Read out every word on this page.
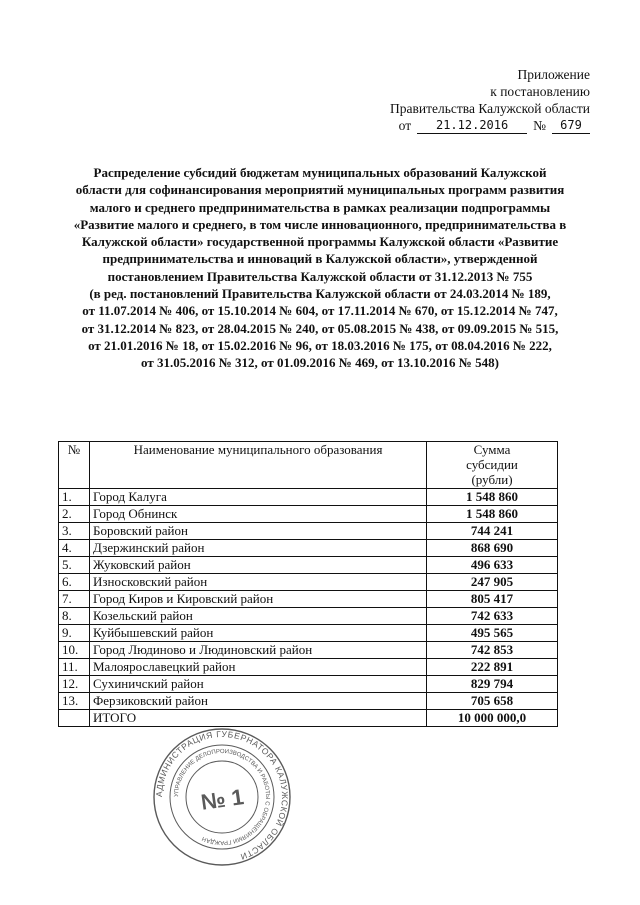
Приложение
к постановлению
Правительства Калужской области
от	21.12.2016	№	679
Распределение субсидий бюджетам муниципальных образований Калужской
области для софинансирования мероприятий муниципальных программ развития
малого и среднего предпринимательства в рамках реализации подпрограммы
«Развитие малого и среднего, в том числе инновационного, предпринимательства в
Калужской области» государственной программы Калужской области «Развитие
предпринимательства и инноваций в Калужской области», утвержденной
постановлением Правительства Калужской области от 31.12.2013 № 755
(в ред. постановлений Правительства Калужской области от 24.03.2014 № 189,
от 11.07.2014 № 406, от 15.10.2014 № 604, от 17.11.2014 № 670, от 15.12.2014 № 747,
от 31.12.2014 № 823, от 28.04.2015 № 240, от 05.08.2015 № 438, от 09.09.2015 № 515,
от 21.01.2016 № 18, от 15.02.2016 № 96, от 18.03.2016 № 175, от 08.04.2016 № 222,
от 31.05.2016 № 312, от 01.09.2016 № 469, от 13.10.2016 № 548)
№	Наименование муниципального образования	Сумма
субсидии
(рубли)

1.	Город Калуга	1 548 860
2.	Город Обнинск	1 548 860
3.	Боровский район	744 241
4.	Дзержинский район	868 690
5.	Жуковский район	496 633
6.	Износковский район	247 905
7.	Город Киров и Кировский район	805 417
8.	Козельский район	742 633
9.	Куйбышевский район	495 565
10.	Город Людиново и Людиновский район	742 853
11.	Малоярославецкий район	222 891
12.	Сухиничский район	829 794
13.	Ферзиковский район	705 658
	ИТОГО	10 000 000,0
АДМИНИСТРАЦИЯ ГУБЕРНАТОРА КАЛУЖСКОЙ ОБЛАСТИ
УПРАВЛЕНИЕ ДЕЛОПРОИЗВОДСТВА И РАБОТЫ С ОБРАЩЕНИЯМИ ГРАЖДАН
№ 1
